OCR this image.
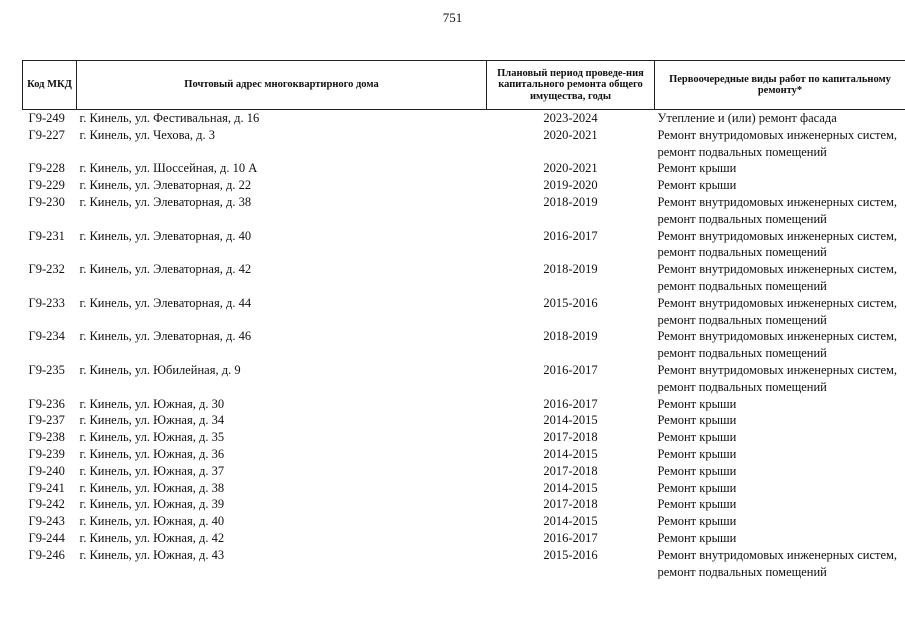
751
Код МКД	Почтовый адрес многоквартирного дома	Плановый период проведе-ния капитального ремонта общего имущества, годы	Первоочередные виды работ по капитальному ремонту*
Г9-249	г. Кинель, ул. Фестивальная, д. 16	2023-2024	Утепление и (или) ремонт фасада

Г9-227	г. Кинель, ул. Чехова, д. 3	2020-2021	Ремонт внутридомовых инженерных систем,
ремонт подвальных помещений

Г9-228	г. Кинель, ул. Шоссейная, д. 10 А	2020-2021	Ремонт крыши

Г9-229	г. Кинель, ул. Элеваторная, д. 22	2019-2020	Ремонт крыши

Г9-230	г. Кинель, ул. Элеваторная, д. 38	2018-2019	Ремонт внутридомовых инженерных систем,
ремонт подвальных помещений

Г9-231	г. Кинель, ул. Элеваторная, д. 40	2016-2017	Ремонт внутридомовых инженерных систем,
ремонт подвальных помещений

Г9-232	г. Кинель, ул. Элеваторная, д. 42	2018-2019	Ремонт внутридомовых инженерных систем,
ремонт подвальных помещений

Г9-233	г. Кинель, ул. Элеваторная, д. 44	2015-2016	Ремонт внутридомовых инженерных систем,
ремонт подвальных помещений

Г9-234	г. Кинель, ул. Элеваторная, д. 46	2018-2019	Ремонт внутридомовых инженерных систем,
ремонт подвальных помещений

Г9-235	г. Кинель, ул. Юбилейная, д. 9	2016-2017	Ремонт внутридомовых инженерных систем,
ремонт подвальных помещений

Г9-236	г. Кинель, ул. Южная, д. 30	2016-2017	Ремонт крыши

Г9-237	г. Кинель, ул. Южная, д. 34	2014-2015	Ремонт крыши

Г9-238	г. Кинель, ул. Южная, д. 35	2017-2018	Ремонт крыши

Г9-239	г. Кинель, ул. Южная, д. 36	2014-2015	Ремонт крыши

Г9-240	г. Кинель, ул. Южная, д. 37	2017-2018	Ремонт крыши

Г9-241	г. Кинель, ул. Южная, д. 38	2014-2015	Ремонт крыши

Г9-242	г. Кинель, ул. Южная, д. 39	2017-2018	Ремонт крыши

Г9-243	г. Кинель, ул. Южная, д. 40	2014-2015	Ремонт крыши

Г9-244	г. Кинель, ул. Южная, д. 42	2016-2017	Ремонт крыши

Г9-246	г. Кинель, ул. Южная, д. 43	2015-2016	Ремонт внутридомовых инженерных систем,
ремонт подвальных помещений
